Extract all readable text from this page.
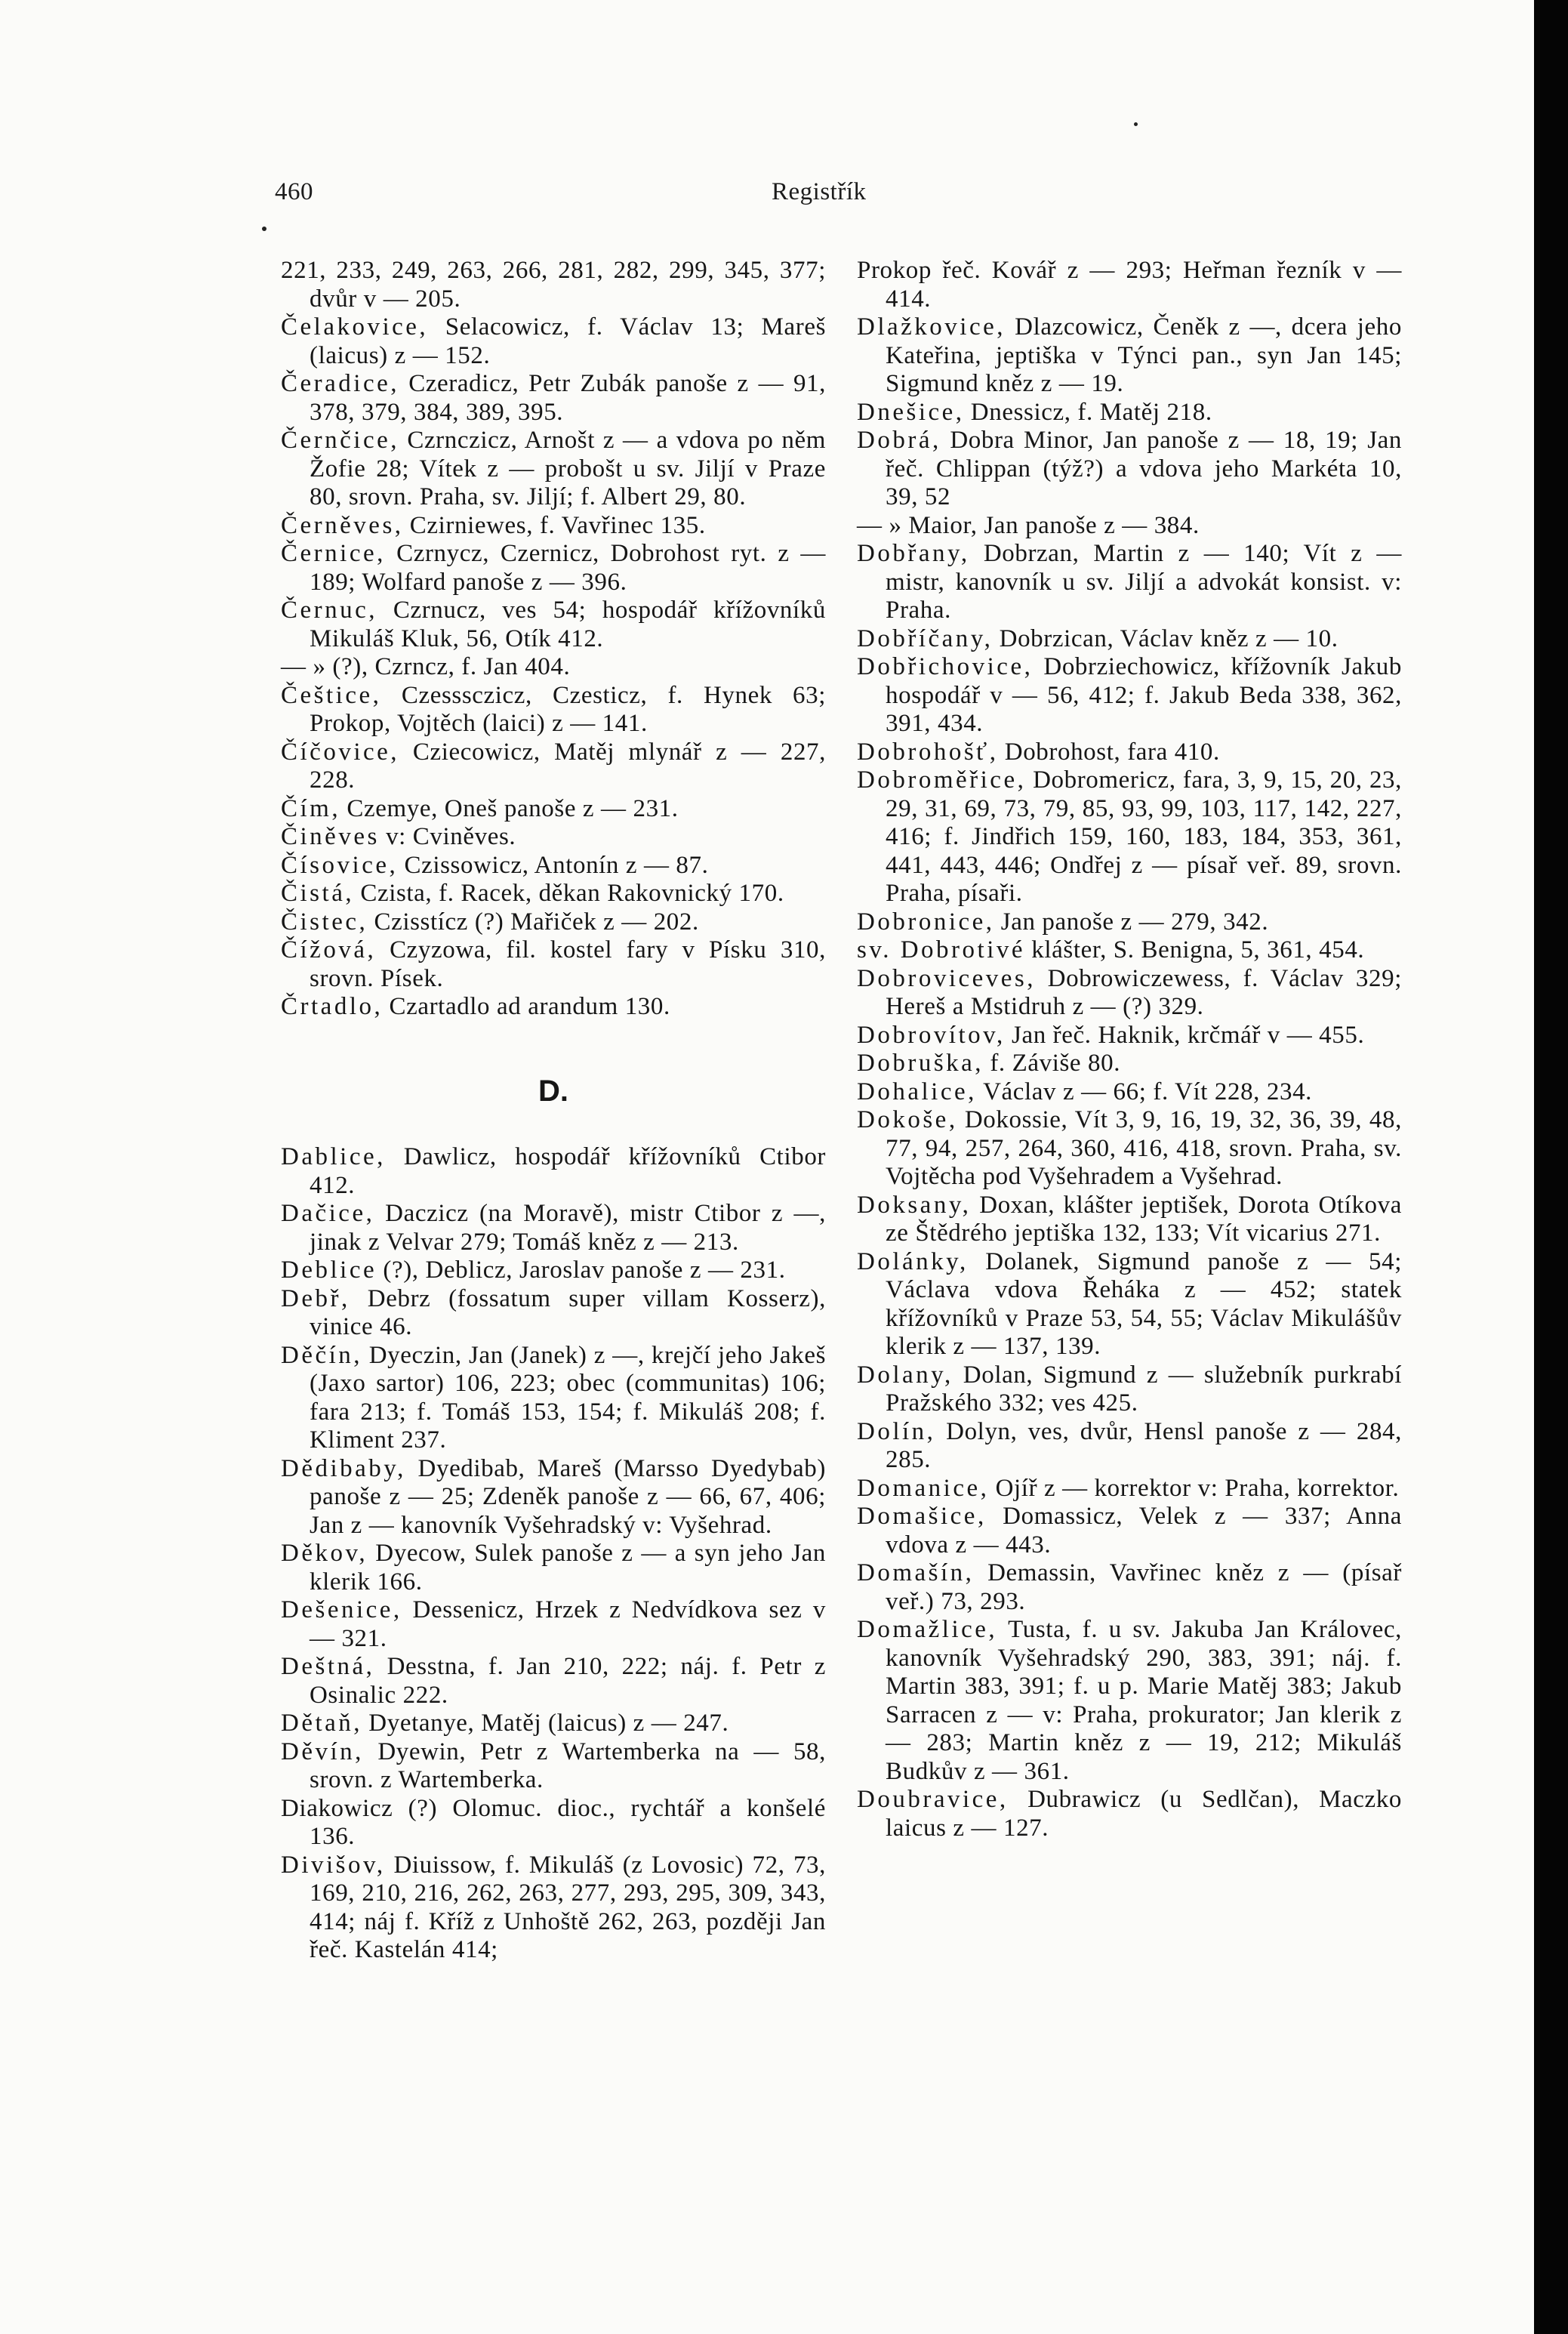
460	Registřík

221, 233, 249, 263, 266, 281, 282, 299, 345, 377; dvůr v — 205.

Čelakovice, Selacowicz, f. Václav 13; Mareš (laicus) z — 152.

Čeradice, Czeradicz, Petr Zubák panoše z — 91, 378, 379, 384, 389, 395.

Černčice, Czrnczicz, Arnošt z — a vdova po něm Žofie 28; Vítek z — probošt u sv. Jiljí v Praze 80, srovn. Praha, sv. Jiljí; f. Albert 29, 80.

Černěves, Czirniewes, f. Vavřinec 135.

Černice, Czrnycz, Czernicz, Dobrohost ryt. z — 189; Wolfard panoše z — 396.

Černuc, Czrnucz, ves 54; hospodář křížovníků Mikuláš Kluk, 56, Otík 412.

— » (?), Czrncz, f. Jan 404.

Češtice, Czesssczicz, Czesticz, f. Hynek 63; Prokop, Vojtěch (laici) z — 141.

Číčovice, Cziecowicz, Matěj mlynář z — 227, 228.

Čím, Czemye, Oneš panoše z — 231.

Činěves v: Cviněves.

Čísovice, Czissowicz, Antonín z — 87.

Čistá, Czista, f. Racek, děkan Rakovnický 170.

Čistec, Czisstícz (?) Mařiček z — 202.

Čížová, Czyzowa, fil. kostel fary v Písku 310, srovn. Písek.

Črtadlo, Czartadlo ad arandum 130.

D.

Dablice, Dawlicz, hospodář křížovníků Ctibor 412.

Dačice, Daczicz (na Moravě), mistr Ctibor z —, jinak z Velvar 279; Tomáš kněz z — 213.

Deblice (?), Deblicz, Jaroslav panoše z — 231.

Debř, Debrz (fossatum super villam Kosserz), vinice 46.

Děčín, Dyeczin, Jan (Janek) z —, krejčí jeho Jakeš (Jaxo sartor) 106, 223; obec (communitas) 106; fara 213; f. Tomáš 153, 154; f. Mikuláš 208; f. Kliment 237.

Dědibaby, Dyedibab, Mareš (Marsso Dyedybab) panoše z — 25; Zdeněk panoše z — 66, 67, 406; Jan z — kanovník Vyšehradský v: Vyšehrad.

Děkov, Dyecow, Sulek panoše z — a syn jeho Jan klerik 166.

Dešenice, Dessenicz, Hrzek z Nedvídkova sez v — 321.

Deštná, Desstna, f. Jan 210, 222; náj. f. Petr z Osinalic 222.

Dětaň, Dyetanye, Matěj (laicus) z — 247.

Děvín, Dyewin, Petr z Wartemberka na — 58, srovn. z Wartemberka.

Diakowicz (?) Olomuc. dioc., rychtář a konšelé 136.

Divišov, Diuissow, f. Mikuláš (z Lovosic) 72, 73, 169, 210, 216, 262, 263, 277, 293, 295, 309, 343, 414; náj f. Kříž z Unhoště 262, 263, později Jan řeč. Kastelán 414;

Prokop řeč. Kovář z — 293; Heřman řezník v — 414.

Dlažkovice, Dlazcowicz, Čeněk z —, dcera jeho Kateřina, jeptiška v Týnci pan., syn Jan 145; Sigmund kněz z — 19.

Dnešice, Dnessicz, f. Matěj 218.

Dobrá, Dobra Minor, Jan panoše z — 18, 19; Jan řeč. Chlippan (týž?) a vdova jeho Markéta 10, 39, 52

— » Maior, Jan panoše z — 384.

Dobřany, Dobrzan, Martin z — 140; Vít z — mistr, kanovník u sv. Jiljí a advokát konsist. v: Praha.

Dobříčany, Dobrzican, Václav kněz z — 10.

Dobřichovice, Dobrziechowicz, křížovník Jakub hospodář v — 56, 412; f. Jakub Beda 338, 362, 391, 434.

Dobrohošť, Dobrohost, fara 410.

Dobroměřice, Dobromericz, fara, 3, 9, 15, 20, 23, 29, 31, 69, 73, 79, 85, 93, 99, 103, 117, 142, 227, 416; f. Jindřich 159, 160, 183, 184, 353, 361, 441, 443, 446; Ondřej z — písař veř. 89, srovn. Praha, písaři.

Dobronice, Jan panoše z — 279, 342.

sv. Dobrotivé klášter, S. Benigna, 5, 361, 454.

Dobroviceves, Dobrowiczewess, f. Václav 329; Hereš a Mstidruh z — (?) 329.

Dobrovítov, Jan řeč. Haknik, krčmář v — 455.

Dobruška, f. Záviše 80.

Dohalice, Václav z — 66; f. Vít 228, 234.

Dokoše, Dokossie, Vít 3, 9, 16, 19, 32, 36, 39, 48, 77, 94, 257, 264, 360, 416, 418, srovn. Praha, sv. Vojtěcha pod Vyšehradem a Vyšehrad.

Doksany, Doxan, klášter jeptišek, Dorota Otíkova ze Štědrého jeptiška 132, 133; Vít vicarius 271.

Dolánky, Dolanek, Sigmund panoše z — 54; Václava vdova Řeháka z — 452; statek křížovníků v Praze 53, 54, 55; Václav Mikulášův klerik z — 137, 139.

Dolany, Dolan, Sigmund z — služebník purkrabí Pražského 332; ves 425.

Dolín, Dolyn, ves, dvůr, Hensl panoše z — 284, 285.

Domanice, Ojíř z — korrektor v: Praha, korrektor.

Domašice, Domassicz, Velek z — 337; Anna vdova z — 443.

Domašín, Demassin, Vavřinec kněz z — (písař veř.) 73, 293.

Domažlice, Tusta, f. u sv. Jakuba Jan Královec, kanovník Vyšehradský 290, 383, 391; náj. f. Martin 383, 391; f. u p. Marie Matěj 383; Jakub Sarracen z — v: Praha, prokurator; Jan klerik z — 283; Martin kněz z — 19, 212; Mikuláš Budkův z — 361.

Doubravice, Dubrawicz (u Sedlčan), Maczko laicus z — 127.
